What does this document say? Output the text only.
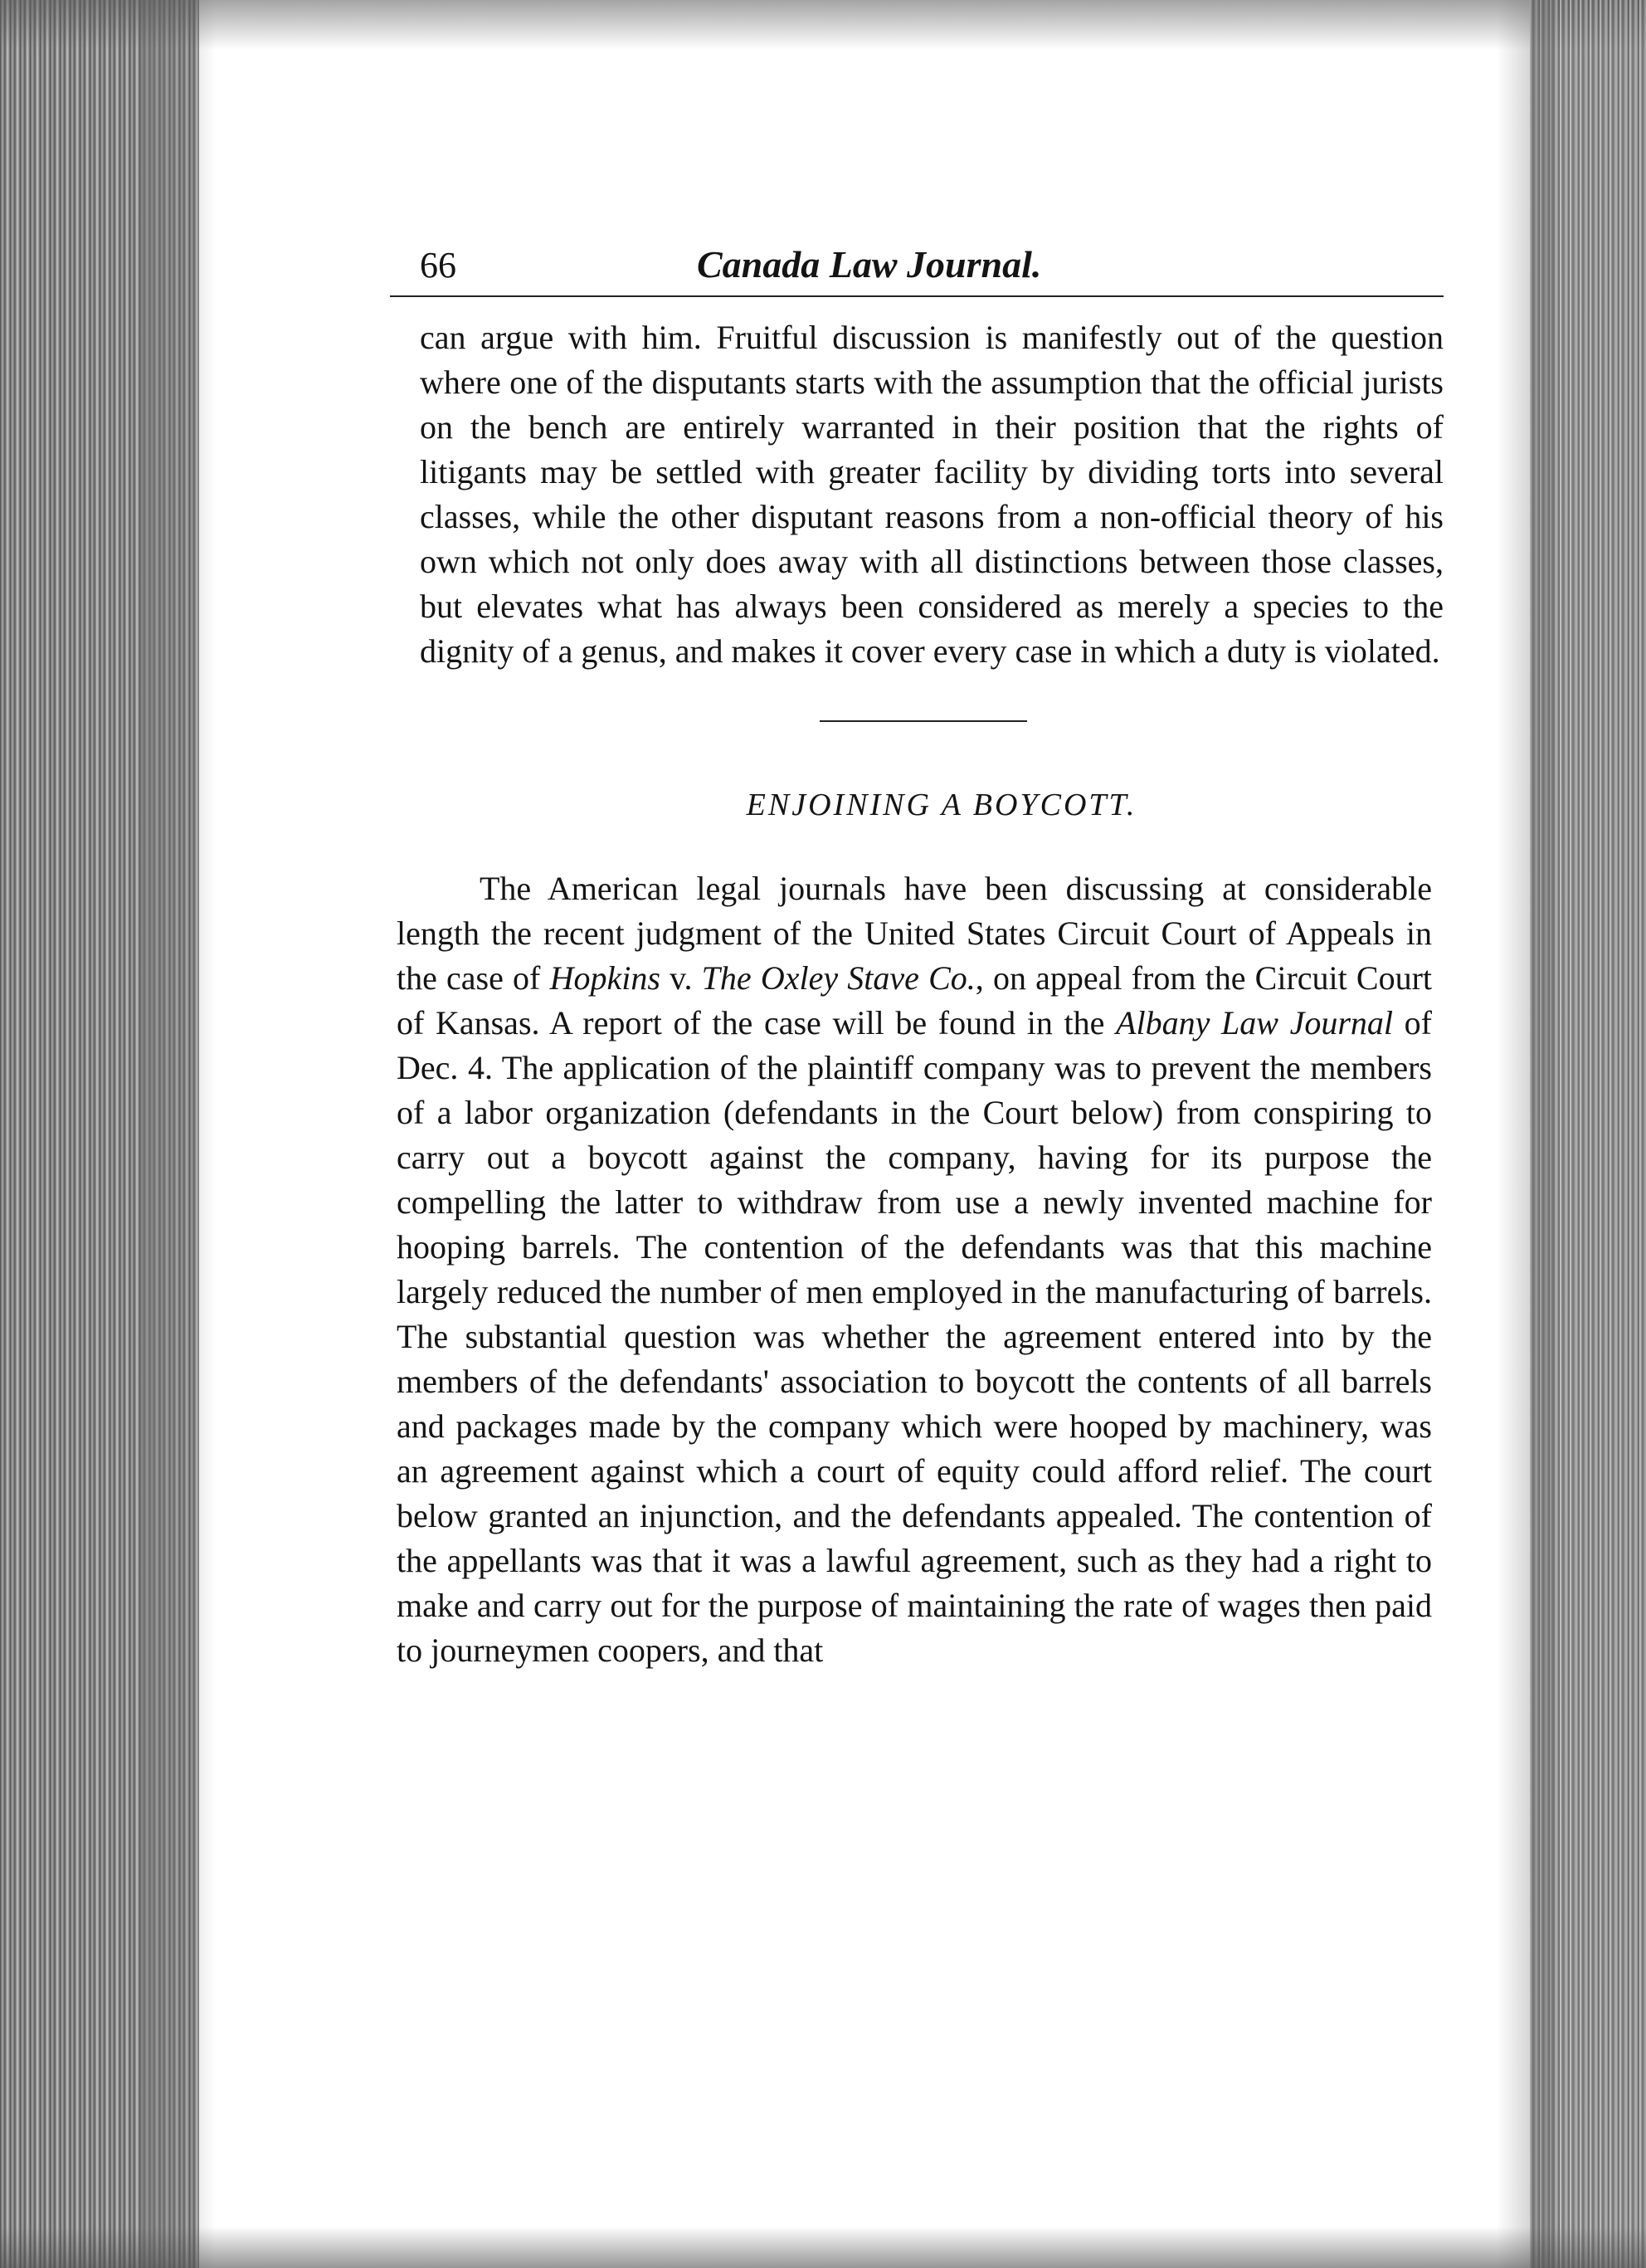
66	Canada Law Journal.

can argue with him. Fruitful discussion is manifestly out of the question where one of the disputants starts with the assumption that the official jurists on the bench are entirely warranted in their position that the rights of litigants may be settled with greater facility by dividing torts into several classes, while the other disputant reasons from a non-official theory of his own which not only does away with all distinctions between those classes, but elevates what has always been considered as merely a species to the dignity of a genus, and makes it cover every case in which a duty is violated.

ENJOINING A BOYCOTT.

The American legal journals have been discussing at considerable length the recent judgment of the United States Circuit Court of Appeals in the case of Hopkins v. The Oxley Stave Co., on appeal from the Circuit Court of Kansas. A report of the case will be found in the Albany Law Journal of Dec. 4. The application of the plaintiff company was to prevent the members of a labor organization (defendants in the Court below) from conspiring to carry out a boycott against the company, having for its purpose the compelling the latter to withdraw from use a newly invented machine for hooping barrels. The contention of the defendants was that this machine largely reduced the number of men employed in the manufacturing of barrels. The substantial question was whether the agreement entered into by the members of the defendants' association to boycott the contents of all barrels and packages made by the company which were hooped by machinery, was an agreement against which a court of equity could afford relief. The court below granted an injunction, and the defendants appealed. The contention of the appellants was that it was a lawful agreement, such as they had a right to make and carry out for the purpose of maintaining the rate of wages then paid to journeymen coopers, and that
